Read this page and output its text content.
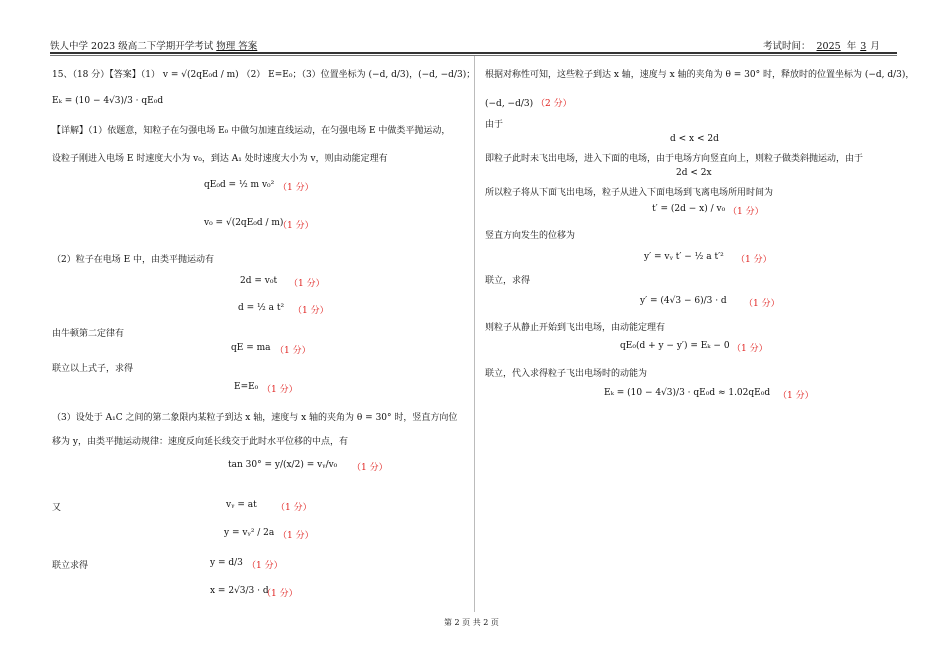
铁人中学 2023 级高二下学期开学考试 物理 答案	考试时间： 2025 年 3 月
15、（18 分）【答案】（1） v = √(2qE₀d / m) （2） E=E₀；（3）位置坐标为 (−d, d/3)，(−d, −d/3)；
Eₖ = (10 − 4√3)/3 · qE₀d
【详解】（1）依题意，知粒子在匀强电场 E₀ 中做匀加速直线运动，在匀强电场 E 中做类平抛运动，
设粒子刚进入电场 E 时速度大小为 v₀，到达 A₁ 处时速度大小为 v，则由动能定理有
qE₀d = ½ m v₀² （1 分）
v₀ = √(2qE₀d / m)
（1 分）
（2）粒子在电场 E 中，由类平抛运动有
2d = v₀t （1 分）
d = ½ a t² （1 分）
由牛顿第二定律有
qE = ma （1 分）
联立以上式子，求得
E=E₀ （1 分）
（3）设处于 A₁C 之间的第二象限内某粒子到达 x 轴，速度与 x 轴的夹角为 θ = 30° 时，竖直方向位
移为 y，由类平抛运动规律：速度反向延长线交于此时水平位移的中点，有
tan 30° = y/(x/2) = vᵧ/v₀ （1 分）
又	vᵧ = at （1 分）
y = vᵧ² / 2a （1 分）
联立求得	y = d/3 （1 分）
x = 2√3/3 · d
（1 分）
根据对称性可知，这些粒子到达 x 轴，速度与 x 轴的夹角为 θ = 30° 时，释放时的位置坐标为 (−d, d/3)，
(−d, −d/3) （2 分）
由于
d < x < 2d
即粒子此时未飞出电场，进入下面的电场，由于电场方向竖直向上，则粒子做类斜抛运动，由于
2d < 2x
所以粒子将从下面飞出电场，粒子从进入下面电场到飞离电场所用时间为
t′ = (2d − x) / v₀ （1 分）
竖直方向发生的位移为
y′ = vᵧ t′ − ½ a t′² （1 分）
联立，求得
y′ = (4√3 − 6)/3 · d （1 分）
则粒子从静止开始到飞出电场，由动能定理有
qE₀(d + y − y′) = Eₖ − 0 （1 分）
联立，代入求得粒子飞出电场时的动能为
Eₖ = (10 − 4√3)/3 · qE₀d ≈ 1.02qE₀d （1 分）
第 2 页 共 2 页
